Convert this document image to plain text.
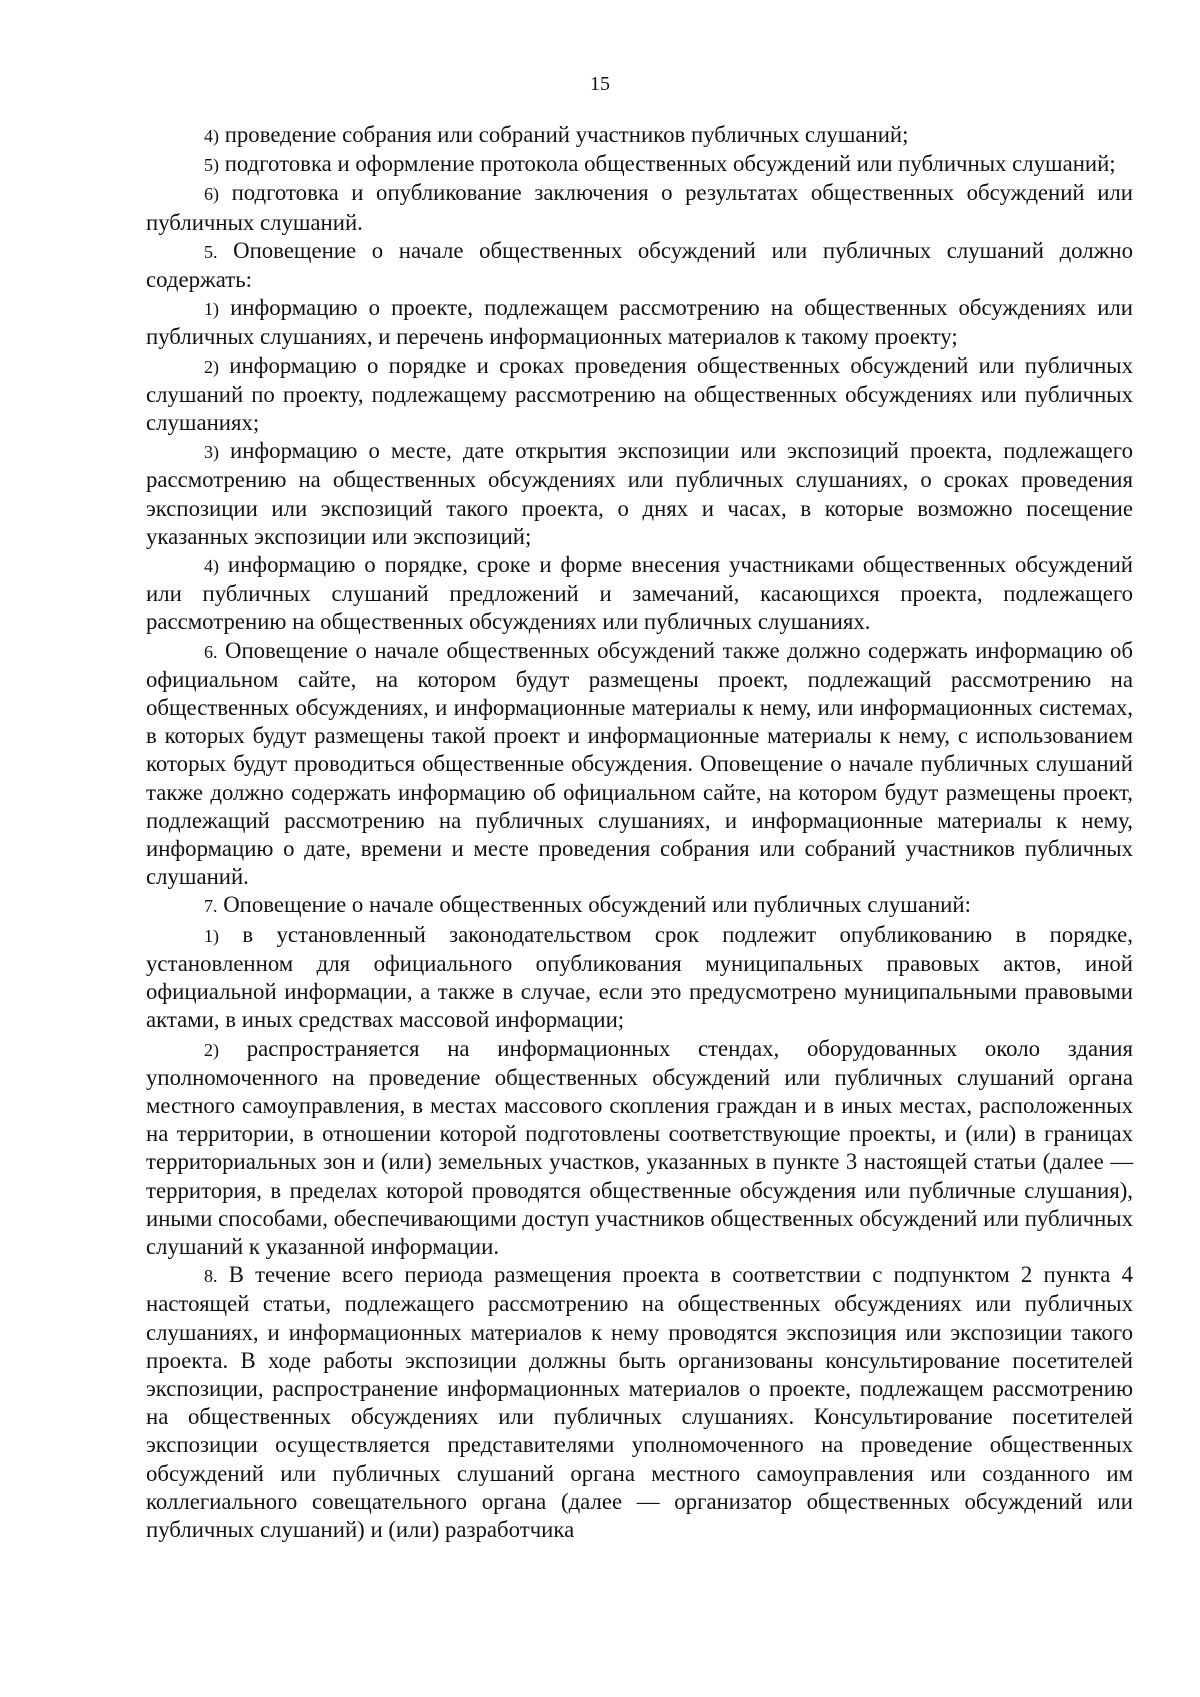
15

4) проведение собрания или собраний участников публичных слушаний;

5) подготовка и оформление протокола общественных обсуждений или публичных слушаний;

6) подготовка и опубликование заключения о результатах общественных обсуждений или публичных слушаний.

5. Оповещение о начале общественных обсуждений или публичных слушаний должно содержать:

1) информацию о проекте, подлежащем рассмотрению на общественных обсуждениях или публичных слушаниях, и перечень информационных материалов к такому проекту;

2) информацию о порядке и сроках проведения общественных обсуждений или публичных слушаний по проекту, подлежащему рассмотрению на общественных обсуждениях или публичных слушаниях;

3) информацию о месте, дате открытия экспозиции или экспозиций проекта, подлежащего рассмотрению на общественных обсуждениях или публичных слушаниях, о сроках проведения экспозиции или экспозиций такого проекта, о днях и часах, в которые возможно посещение указанных экспозиции или экспозиций;

4) информацию о порядке, сроке и форме внесения участниками общественных обсуждений или публичных слушаний предложений и замечаний, касающихся проекта, подлежащего рассмотрению на общественных обсуждениях или публичных слушаниях.

6. Оповещение о начале общественных обсуждений также должно содержать информацию об официальном сайте, на котором будут размещены проект, подлежащий рассмотрению на общественных обсуждениях, и информационные материалы к нему, или информационных системах, в которых будут размещены такой проект и информационные материалы к нему, с использованием которых будут проводиться общественные обсуждения. Оповещение о начале публичных слушаний также должно содержать информацию об официальном сайте, на котором будут размещены проект, подлежащий рассмотрению на публичных слушаниях, и информационные материалы к нему, информацию о дате, времени и месте проведения собрания или собраний участников публичных слушаний.

7. Оповещение о начале общественных обсуждений или публичных слушаний:

1) в установленный законодательством срок подлежит опубликованию в порядке, установленном для официального опубликования муниципальных правовых актов, иной официальной информации, а также в случае, если это предусмотрено муниципальными правовыми актами, в иных средствах массовой информации;

2) распространяется на информационных стендах, оборудованных около здания уполномоченного на проведение общественных обсуждений или публичных слушаний органа местного самоуправления, в местах массового скопления граждан и в иных местах, расположенных на территории, в отношении которой подготовлены соответствующие проекты, и (или) в границах территориальных зон и (или) земельных участков, указанных в пункте 3 настоящей статьи (далее — территория, в пределах которой проводятся общественные обсуждения или публичные слушания), иными способами, обеспечивающими доступ участников общественных обсуждений или публичных слушаний к указанной информации.

8. В течение всего периода размещения проекта в соответствии с подпунктом 2 пункта 4 настоящей статьи, подлежащего рассмотрению на общественных обсуждениях или публичных слушаниях, и информационных материалов к нему проводятся экспозиция или экспозиции такого проекта. В ходе работы экспозиции должны быть организованы консультирование посетителей экспозиции, распространение информационных материалов о проекте, подлежащем рассмотрению на общественных обсуждениях или публичных слушаниях. Консультирование посетителей экспозиции осуществляется представителями уполномоченного на проведение общественных обсуждений или публичных слушаний органа местного самоуправления или созданного им коллегиального совещательного органа (далее — организатор общественных обсуждений или публичных слушаний) и (или) разработчика
